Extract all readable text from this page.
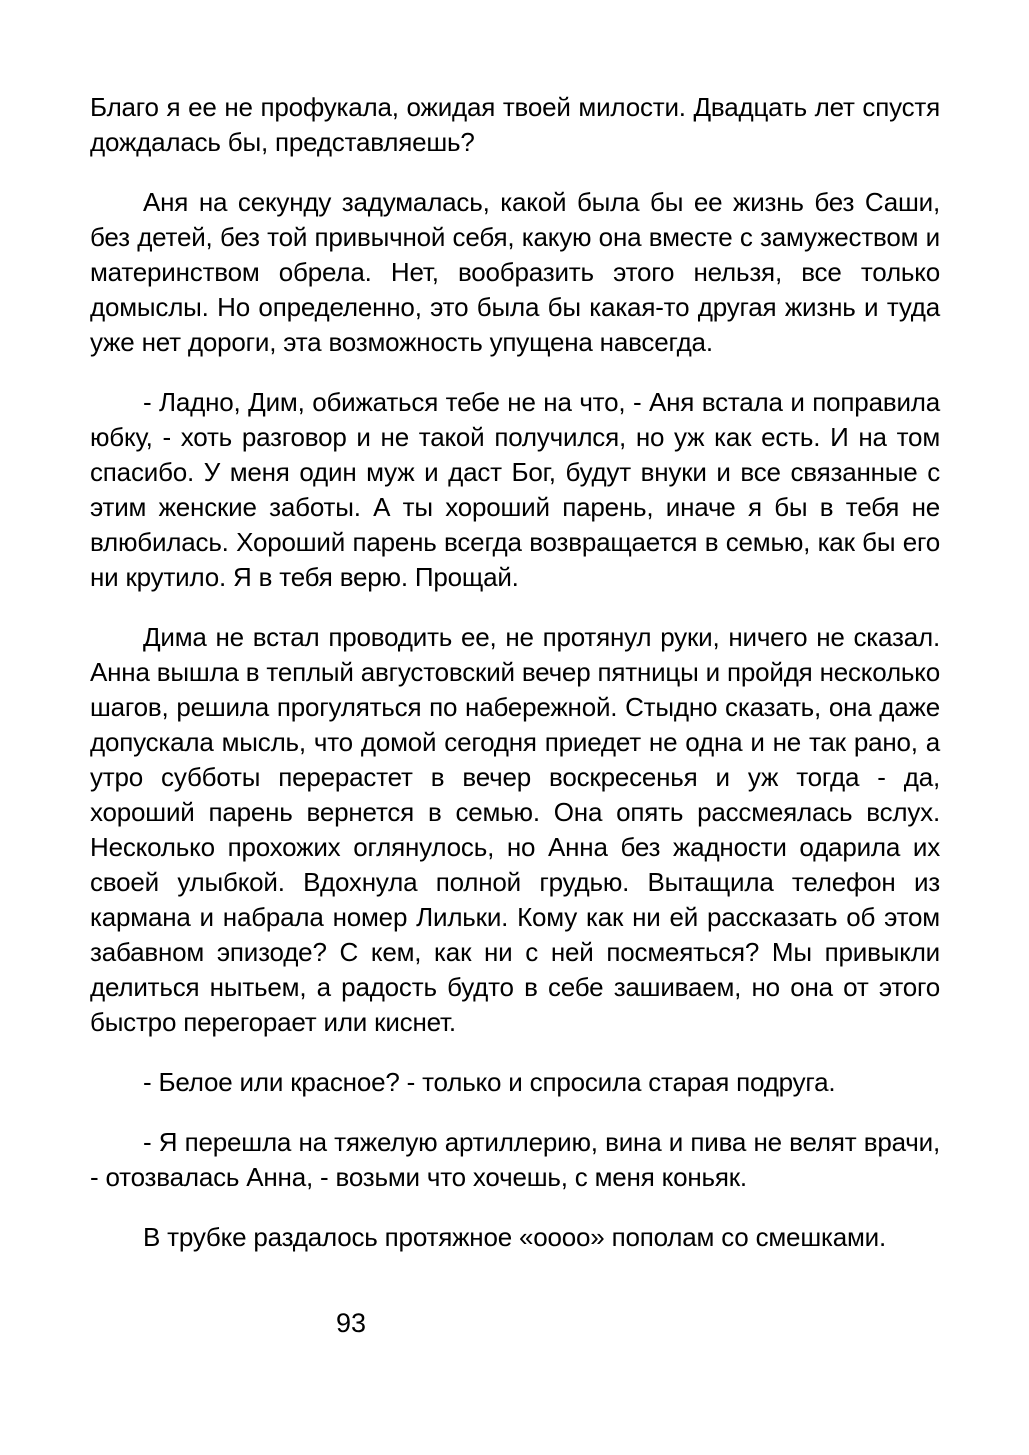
Благо я ее не профукала, ожидая твоей милости. Двадцать лет спустя дождалась бы, представляешь?

Аня на секунду задумалась, какой была бы ее жизнь без Саши, без детей, без той привычной себя, какую она вместе с замужеством и материнством обрела. Нет, вообразить этого нельзя, все только домыслы. Но определенно, это была бы какая-то другая жизнь и туда уже нет дороги, эта возможность упущена навсегда.

- Ладно, Дим, обижаться тебе не на что, - Аня встала и поправила юбку, - хоть разговор и не такой получился, но уж как есть. И на том спасибо. У меня один муж и даст Бог, будут внуки и все связанные с этим женские заботы. А ты хороший парень, иначе я бы в тебя не влюбилась. Хороший парень всегда возвращается в семью, как бы его ни крутило. Я в тебя верю. Прощай.

Дима не встал проводить ее, не протянул руки, ничего не сказал. Анна вышла в теплый августовский вечер пятницы и пройдя несколько шагов, решила прогуляться по набережной. Стыдно сказать, она даже допускала мысль, что домой сегодня приедет не одна и не так рано, а утро субботы перерастет в вечер воскресенья и уж тогда - да, хороший парень вернется в семью. Она опять рассмеялась вслух. Несколько прохожих оглянулось, но Анна без жадности одарила их своей улыбкой. Вдохнула полной грудью. Вытащила телефон из кармана и набрала номер Лильки. Кому как ни ей рассказать об этом забавном эпизоде? С кем, как ни с ней посмеяться? Мы привыкли делиться нытьем, а радость будто в себе зашиваем, но она от этого быстро перегорает или киснет.

- Белое или красное? - только и спросила старая подруга.

- Я перешла на тяжелую артиллерию, вина и пива не велят врачи, - отозвалась Анна, - возьми что хочешь, с меня коньяк.

В трубке раздалось протяжное «оооо» пополам со смешками.

93
